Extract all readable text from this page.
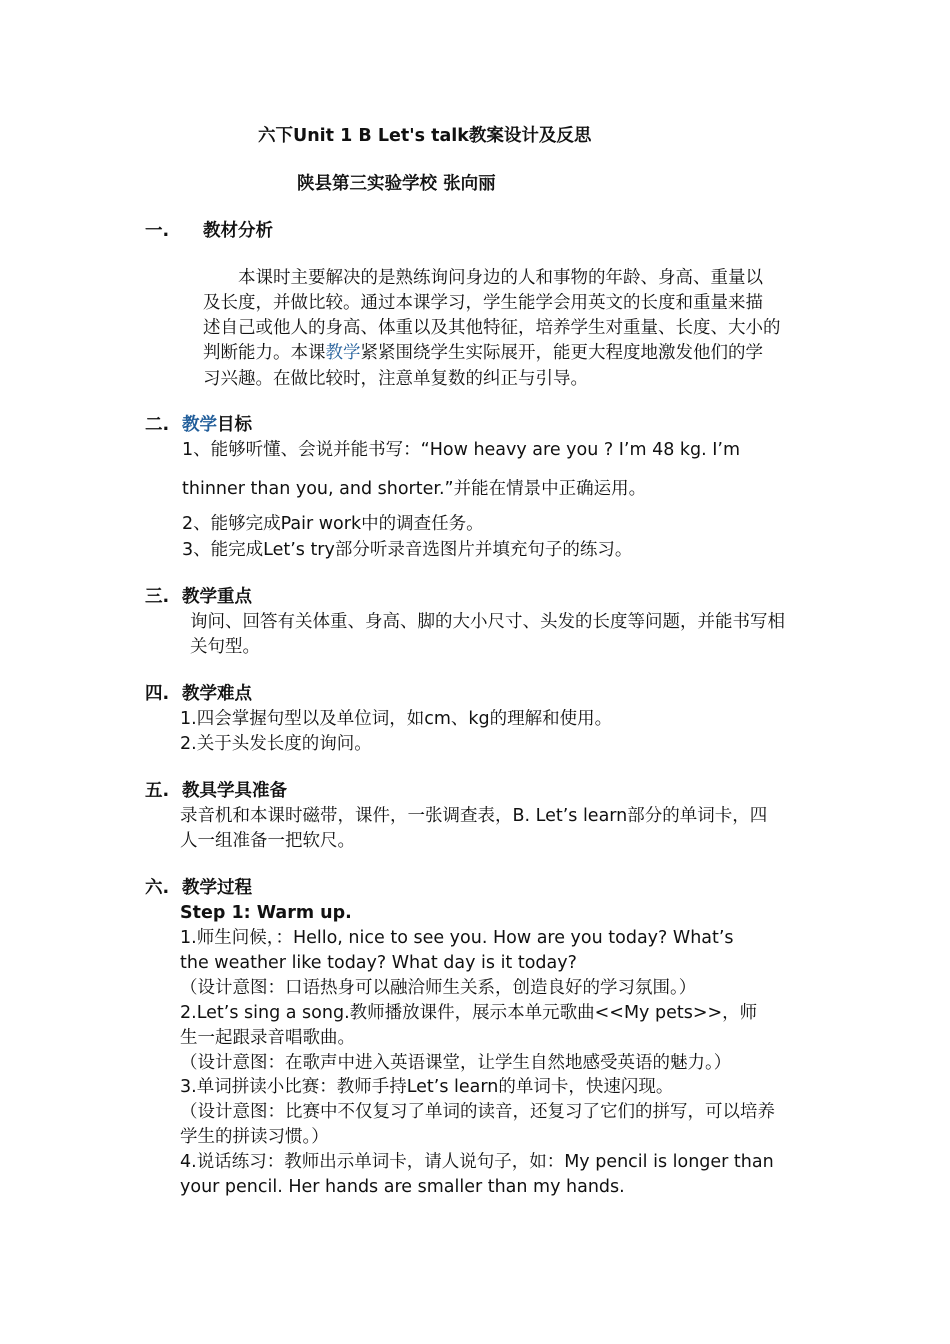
六下Unit 1 B Let's talk教案设计及反思
陕县第三实验学校 张向丽
一. 教材分析
本课时主要解决的是熟练询问身边的人和事物的年龄、身高、重量以
及长度，并做比较。通过本课学习，学生能学会用英文的长度和重量来描
述自己或他人的身高、体重以及其他特征，培养学生对重量、长度、大小的
判断能力。本课教学紧紧围绕学生实际展开，能更大程度地激发他们的学
习兴趣。在做比较时，注意单复数的纠正与引导。
二. 教学目标
1、能够听懂、会说并能书写：“How heavy are you ? I’m 48 kg. I’m
thinner than you, and shorter.”并能在情景中正确运用。
2、能够完成Pair work中的调查任务。
3、能完成Let’s try部分听录音选图片并填充句子的练习。
三. 教学重点
询问、回答有关体重、身高、脚的大小尺寸、头发的长度等问题，并能书写相
关句型。
四. 教学难点
1.四会掌握句型以及单位词，如cm、kg的理解和使用。
2.关于头发长度的询问。
五. 教具学具准备
录音机和本课时磁带，课件，一张调查表，B. Let’s learn部分的单词卡，四
人一组准备一把软尺。
六. 教学过程
Step 1: Warm up.
1.师生问候，：Hello, nice to see you. How are you today? What’s
the weather like today? What day is it today?
（设计意图：口语热身可以融洽师生关系，创造良好的学习氛围。）
2.Let’s sing a song.教师播放课件，展示本单元歌曲<<My pets>>，师
生一起跟录音唱歌曲。
（设计意图：在歌声中进入英语课堂，让学生自然地感受英语的魅力。）
3.单词拼读小比赛：教师手持Let’s learn的单词卡，快速闪现。
（设计意图：比赛中不仅复习了单词的读音，还复习了它们的拼写，可以培养
学生的拼读习惯。）
4.说话练习：教师出示单词卡，请人说句子，如：My pencil is longer than
your pencil. Her hands are smaller than my hands.
